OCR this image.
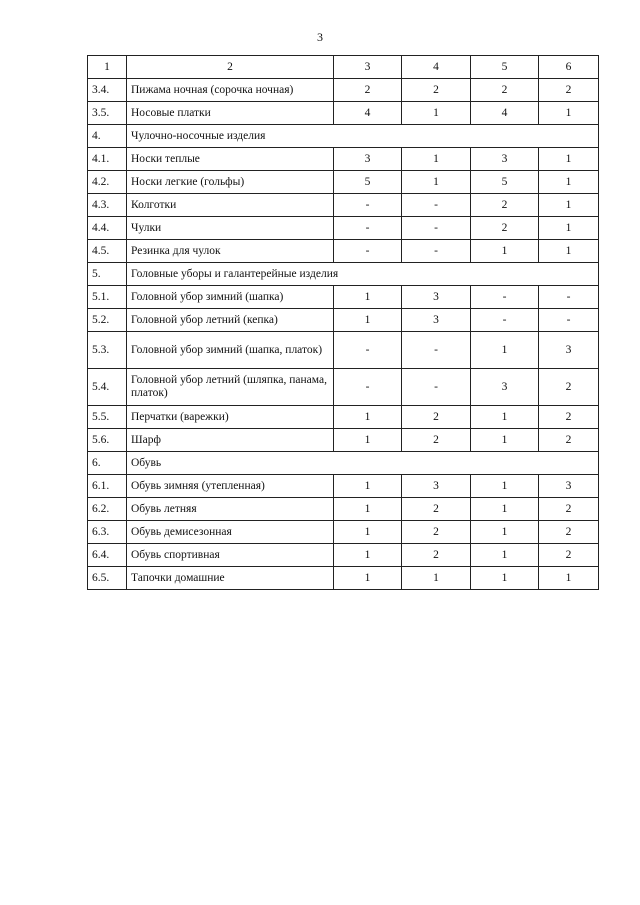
3
1	2	3	4	5	6
3.4.	Пижама ночная (сорочка ночная)	2	2	2	2
3.5.	Носовые платки	4	1	4	1
4.	Чулочно-носочные изделия				
4.1.	Носки теплые	3	1	3	1
4.2.	Носки легкие (гольфы)	5	1	5	1
4.3.	Колготки	-	-	2	1
4.4.	Чулки	-	-	2	1
4.5.	Резинка для чулок	-	-	1	1
5.	Головные уборы и галантерейные изделия				
5.1.	Головной убор зимний (шапка)	1	3	-	-
5.2.	Головной убор летний (кепка)	1	3	-	-
5.3.	Головной убор зимний (шапка, платок)	-	-	1	3
5.4.	Головной убор летний (шляпка, панама, платок)	-	-	3	2
5.5.	Перчатки (варежки)	1	2	1	2
5.6.	Шарф	1	2	1	2
6.	Обувь				
6.1.	Обувь зимняя (утепленная)	1	3	1	3
6.2.	Обувь летняя	1	2	1	2
6.3.	Обувь демисезонная	1	2	1	2
6.4.	Обувь спортивная	1	2	1	2
6.5.	Тапочки домашние	1	1	1	1
